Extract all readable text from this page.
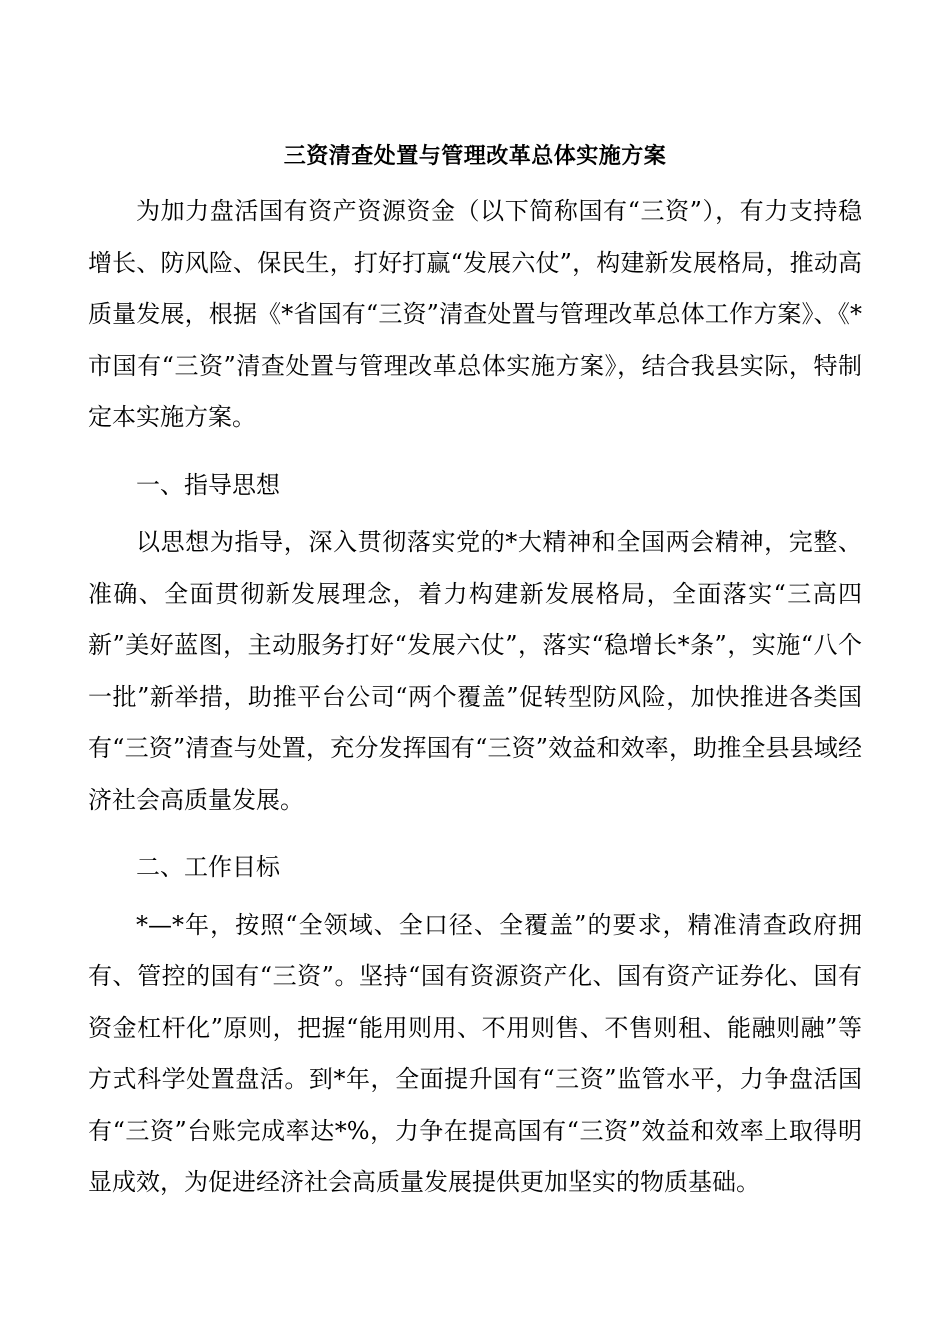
三资清查处置与管理改革总体实施方案

为加力盘活国有资产资源资金（以下简称国有“三资”），有力支持稳增长、防风险、保民生，打好打赢“发展六仗”，构建新发展格局，推动高质量发展，根据《*省国有“三资”清查处置与管理改革总体工作方案》、《*市国有“三资”清查处置与管理改革总体实施方案》，结合我县实际，特制定本实施方案。

一、指导思想

以思想为指导，深入贯彻落实党的*大精神和全国两会精神，完整、准确、全面贯彻新发展理念，着力构建新发展格局，全面落实“三高四新”美好蓝图，主动服务打好“发展六仗”，落实“稳增长*条”，实施“八个一批”新举措，助推平台公司“两个覆盖”促转型防风险，加快推进各类国有“三资”清查与处置，充分发挥国有“三资”效益和效率，助推全县县域经济社会高质量发展。

二、工作目标

*—*年，按照“全领域、全口径、全覆盖”的要求，精准清查政府拥有、管控的国有“三资”。坚持“国有资源资产化、国有资产证券化、国有资金杠杆化”原则，把握“能用则用、不用则售、不售则租、能融则融”等方式科学处置盘活。到*年，全面提升国有“三资”监管水平，力争盘活国有“三资”台账完成率达*%，力争在提高国有“三资”效益和效率上取得明显成效，为促进经济社会高质量发展提供更加坚实的物质基础。
